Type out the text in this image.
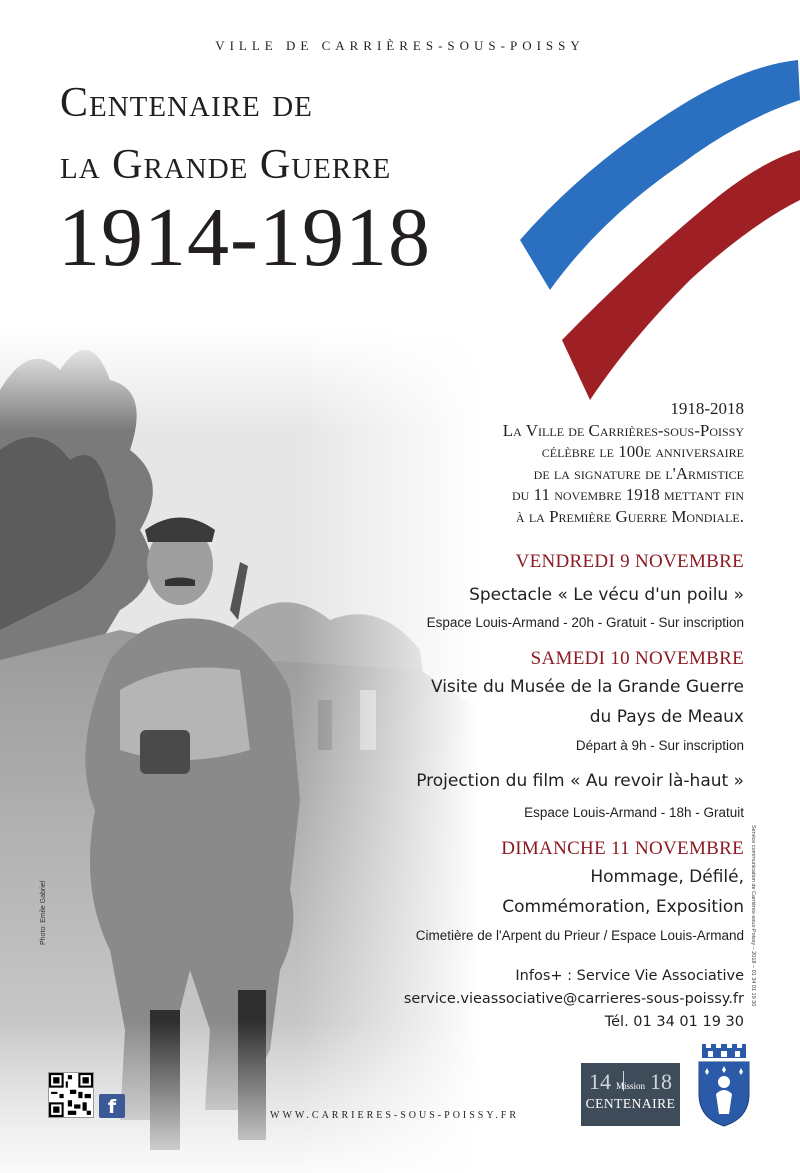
VILLE DE CARRIÈRES-SOUS-POISSY
Centenaire de
la Grande Guerre
1914-1918
1918-2018
La Ville de Carrières-sous-Poissy
célèbre le 100e anniversaire
de la signature de l'Armistice
du 11 novembre 1918 mettant fin
à la Première Guerre Mondiale.
VENDREDI 9 NOVEMBRE
Spectacle « Le vécu d'un poilu »
Espace Louis-Armand - 20h - Gratuit - Sur inscription
SAMEDI 10 NOVEMBRE
Visite du Musée de la Grande Guerre
du Pays de Meaux
Départ à 9h - Sur inscription
Projection du film « Au revoir là-haut »
Espace Louis-Armand - 18h - Gratuit
DIMANCHE 11 NOVEMBRE
Hommage, Défilé,
Commémoration, Exposition
Cimetière de l'Arpent du Prieur / Espace Louis-Armand
Infos+ : Service Vie Associative
service.vieassociative@carrieres-sous-poissy.fr
Tél. 01 34 01 19 30
Photo: Emile Gabriel	Service communication de Carrières-sous-Poissy – 2018 – 01 34 01 19 30
f	WWW.CARRIERES-SOUS-POISSY.FR
14 18
Mission
CENTENAIRE
